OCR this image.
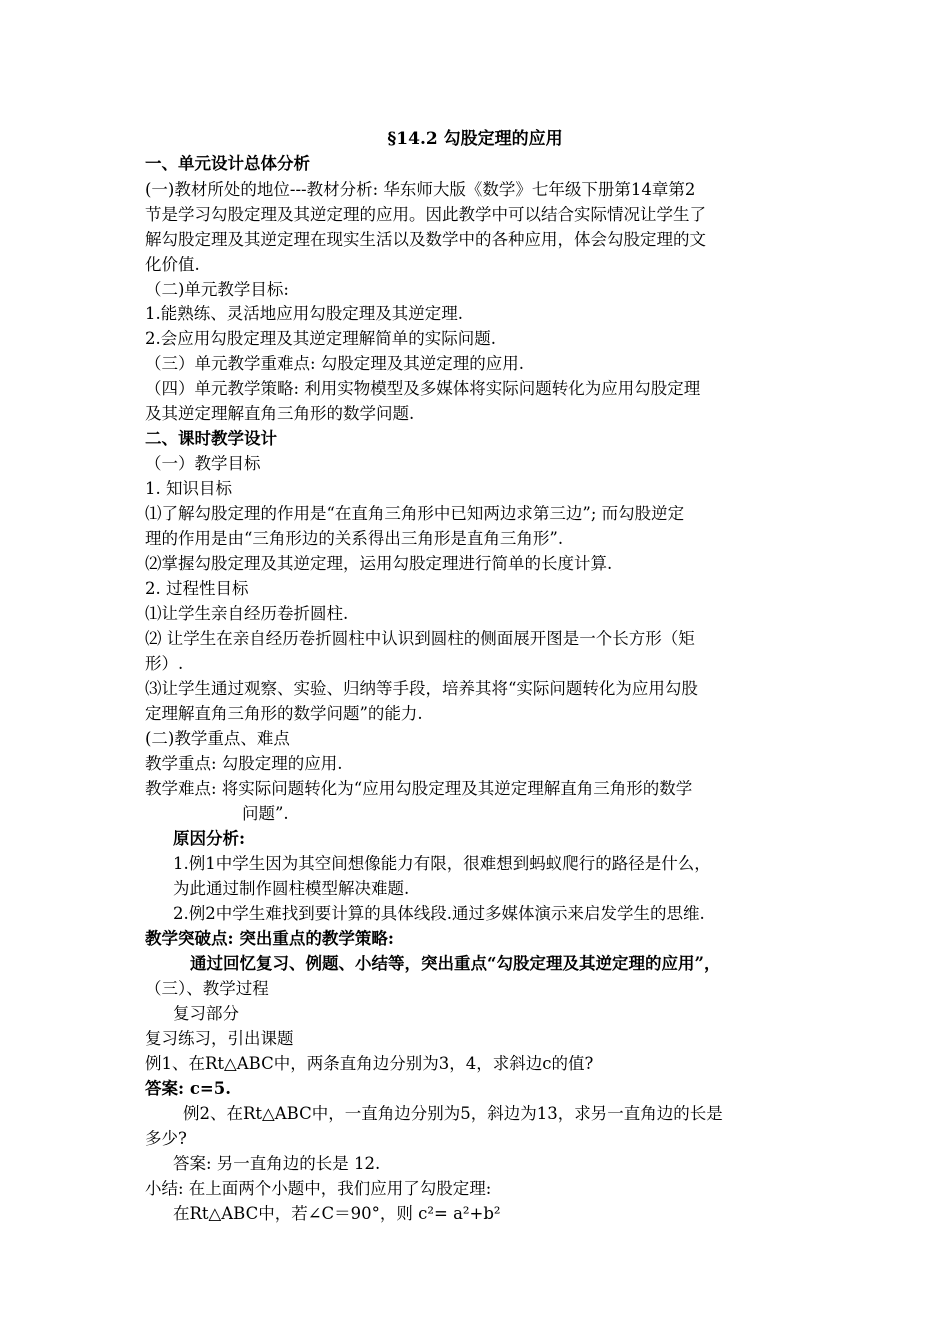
§14.2 勾股定理的应用
一、单元设计总体分析
(一)教材所处的地位---教材分析: 华东师大版《数学》七年级下册第14章第2
节是学习勾股定理及其逆定理的应用。因此教学中可以结合实际情况让学生了
解勾股定理及其逆定理在现实生活以及数学中的各种应用，体会勾股定理的文
化价值.
（二)单元教学目标:
1.能熟练、灵活地应用勾股定理及其逆定理.
2.会应用勾股定理及其逆定理解简单的实际问题.
（三）单元教学重难点: 勾股定理及其逆定理的应用.
（四）单元教学策略: 利用实物模型及多媒体将实际问题转化为应用勾股定理
及其逆定理解直角三角形的数学问题.
二、课时教学设计
（一）教学目标
1. 知识目标
⑴了解勾股定理的作用是“在直角三角形中已知两边求第三边”; 而勾股逆定
理的作用是由“三角形边的关系得出三角形是直角三角形”.
⑵掌握勾股定理及其逆定理，运用勾股定理进行简单的长度计算.
2. 过程性目标
⑴让学生亲自经历卷折圆柱.
⑵ 让学生在亲自经历卷折圆柱中认识到圆柱的侧面展开图是一个长方形（矩
形）.
⑶让学生通过观察、实验、归纳等手段，培养其将“实际问题转化为应用勾股
定理解直角三角形的数学问题”的能力.
(二)教学重点、难点
教学重点: 勾股定理的应用.
教学难点: 将实际问题转化为“应用勾股定理及其逆定理解直角三角形的数学
问题”.
原因分析:
1.例1中学生因为其空间想像能力有限，很难想到蚂蚁爬行的路径是什么，
为此通过制作圆柱模型解决难题.
2.例2中学生难找到要计算的具体线段.通过多媒体演示来启发学生的思维.
教学突破点: 突出重点的教学策略:
通过回忆复习、例题、小结等，突出重点“勾股定理及其逆定理的应用”，
（三）、教学过程
复习部分
复习练习，引出课题
例1、在Rt△ABC中，两条直角边分别为3，4，求斜边c的值?
答案: c=5.
例2、在Rt△ABC中，一直角边分别为5，斜边为13，求另一直角边的长是
多少?
答案: 另一直角边的长是 12.
小结: 在上面两个小题中，我们应用了勾股定理:
在Rt△ABC中，若∠C＝90°，则 c²= a²+b²
